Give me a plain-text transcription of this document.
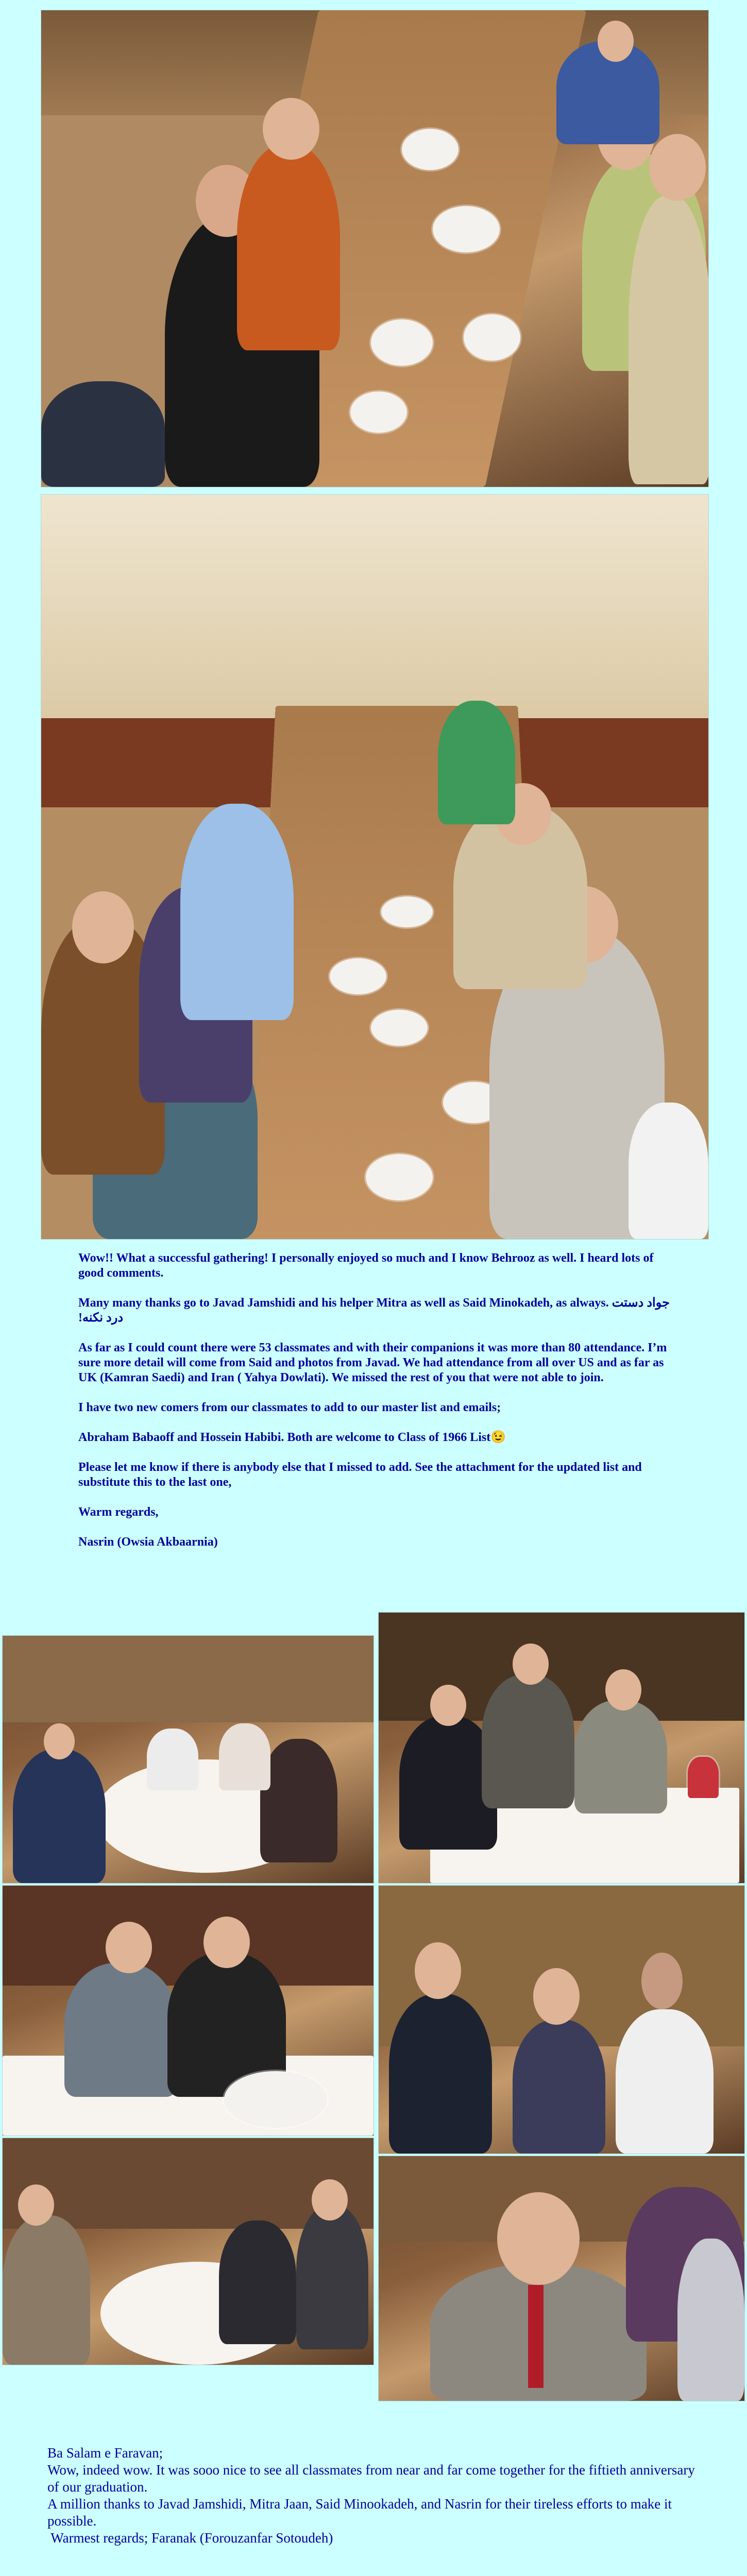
Wow!! What a successful gathering! I personally enjoyed so much and I know Behrooz as well. I heard lots of good comments.

Many many thanks go to Javad Jamshidi and his helper Mitra as well as Said Minokadeh, as always. جواد دستت درد نکنه!

As far as I could count there were 53 classmates and with their companions it was more than 80 attendance. I’m sure more detail will come from Said and photos from Javad. We had attendance from all over US and as far as UK (Kamran Saedi) and Iran ( Yahya Dowlati). We missed the rest of you that were not able to join.

I have two new comers from our classmates to add to our master list and emails;

Abraham Babaoff and Hossein Habibi. Both are welcome to Class of 1966 List😉

Please let me know if there is anybody else that I missed to add. See the attachment for the updated list and substitute this to the last one,

Warm regards,

Nasrin (Owsia Akbaarnia)

Ba Salam e Faravan;

Wow, indeed wow. It was sooo nice to see all classmates from near and far come together for the fiftieth anniversary of our graduation.

A million thanks to Javad Jamshidi, Mitra Jaan, Said Minookadeh, and Nasrin for their tireless efforts to make it possible.

Warmest regards; Faranak (Forouzanfar Sotoudeh)
